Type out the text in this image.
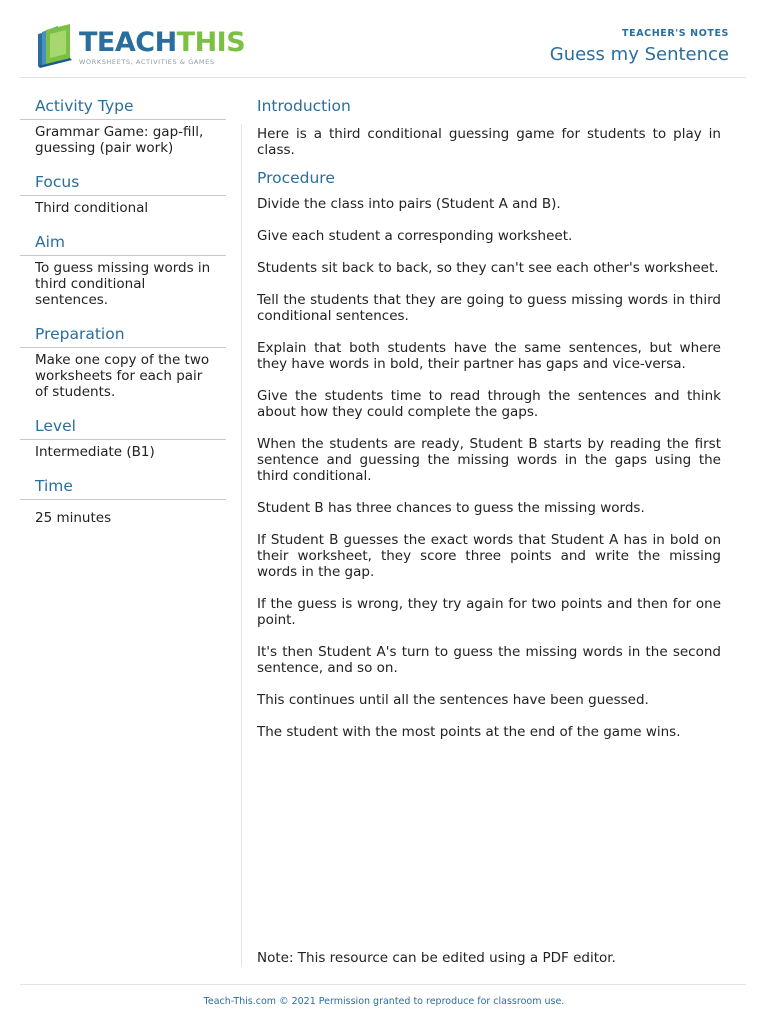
TEACHTHIS
WORKSHEETS, ACTIVITIES & GAMES
TEACHER'S NOTES
Guess my Sentence
Activity Type
Grammar Game: gap-fill, guessing (pair work)
Focus
Third conditional
Aim
To guess missing words in third conditional sentences.
Preparation
Make one copy of the two worksheets for each pair of students.
Level
Intermediate (B1)
Time
25 minutes
Introduction

Here is a third conditional guessing game for students to play in class.

Procedure

Divide the class into pairs (Student A and B).

Give each student a corresponding worksheet.

Students sit back to back, so they can't see each other's worksheet.

Tell the students that they are going to guess missing words in third conditional sentences.

Explain that both students have the same sentences, but where they have words in bold, their partner has gaps and vice-versa.

Give the students time to read through the sentences and think about how they could complete the gaps.

When the students are ready, Student B starts by reading the first sentence and guessing the missing words in the gaps using the third conditional.

Student B has three chances to guess the missing words.

If Student B guesses the exact words that Student A has in bold on their worksheet, they score three points and write the missing words in the gap.

If the guess is wrong, they try again for two points and then for one point.

It's then Student A's turn to guess the missing words in the second sentence, and so on.

This continues until all the sentences have been guessed.

The student with the most points at the end of the game wins.

Note: This resource can be edited using a PDF editor.
Teach-This.com © 2021 Permission granted to reproduce for classroom use.
